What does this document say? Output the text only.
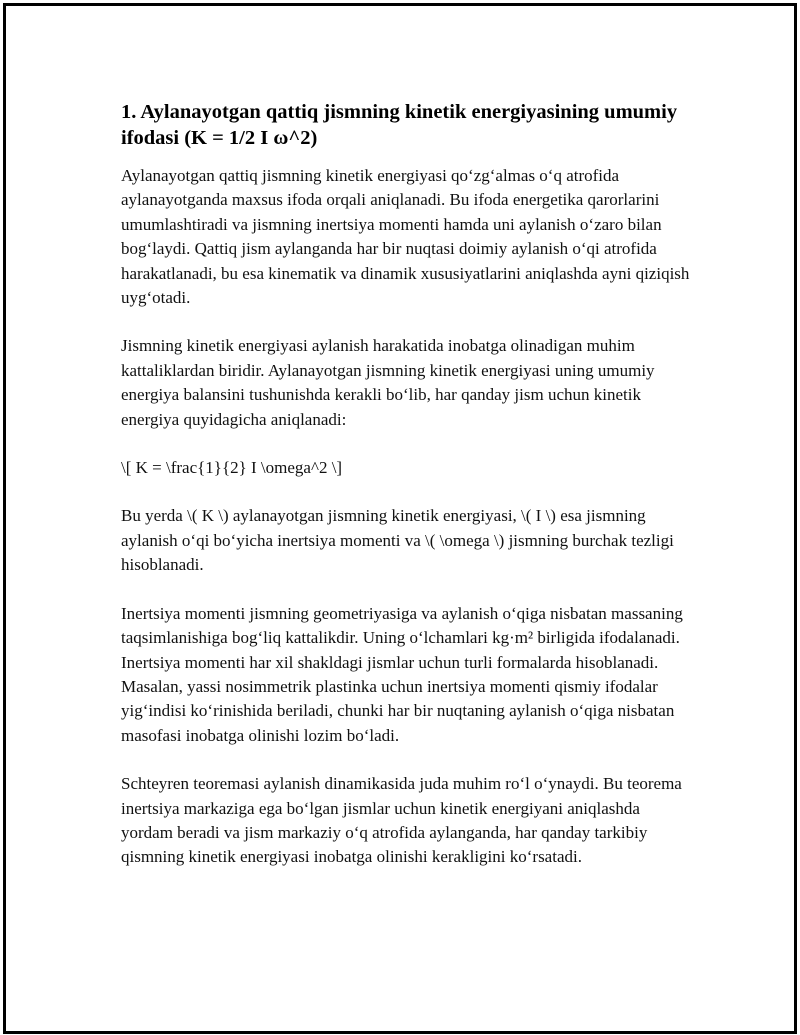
1. Aylanayotgan qattiq jismning kinetik energiyasining umumiy ifodasi (K = 1/2 I ω^2)

Aylanayotgan qattiq jismning kinetik energiyasi qo‘zg‘almas o‘q atrofida aylanayotganda maxsus ifoda orqali aniqlanadi. Bu ifoda energetika qarorlarini umumlashtiradi va jismning inertsiya momenti hamda uni aylanish o‘zaro bilan bog‘laydi. Qattiq jism aylanganda har bir nuqtasi doimiy aylanish o‘qi atrofida harakatlanadi, bu esa kinematik va dinamik xususiyatlarini aniqlashda ayni qiziqish uyg‘otadi.

Jismning kinetik energiyasi aylanish harakatida inobatga olinadigan muhim kattaliklardan biridir. Aylanayotgan jismning kinetik energiyasi uning umumiy energiya balansini tushunishda kerakli bo‘lib, har qanday jism uchun kinetik energiya quyidagicha aniqlanadi:

\[ K = \frac{1}{2} I \omega^2 \]

Bu yerda \( K \) aylanayotgan jismning kinetik energiyasi, \( I \) esa jismning aylanish o‘qi bo‘yicha inertsiya momenti va \( \omega \) jismning burchak tezligi hisoblanadi.

Inertsiya momenti jismning geometriyasiga va aylanish o‘qiga nisbatan massaning taqsimlanishiga bog‘liq kattalikdir. Uning o‘lchamlari kg·m² birligida ifodalanadi. Inertsiya momenti har xil shakldagi jismlar uchun turli formalarda hisoblanadi. Masalan, yassi nosimmetrik plastinka uchun inertsiya momenti qismiy ifodalar yig‘indisi ko‘rinishida beriladi, chunki har bir nuqtaning aylanish o‘qiga nisbatan masofasi inobatga olinishi lozim bo‘ladi.

Schteyren teoremasi aylanish dinamikasida juda muhim ro‘l o‘ynaydi. Bu teorema inertsiya markaziga ega bo‘lgan jismlar uchun kinetik energiyani aniqlashda yordam beradi va jism markaziy o‘q atrofida aylanganda, har qanday tarkibiy qismning kinetik energiyasi inobatga olinishi kerakligini ko‘rsatadi.
